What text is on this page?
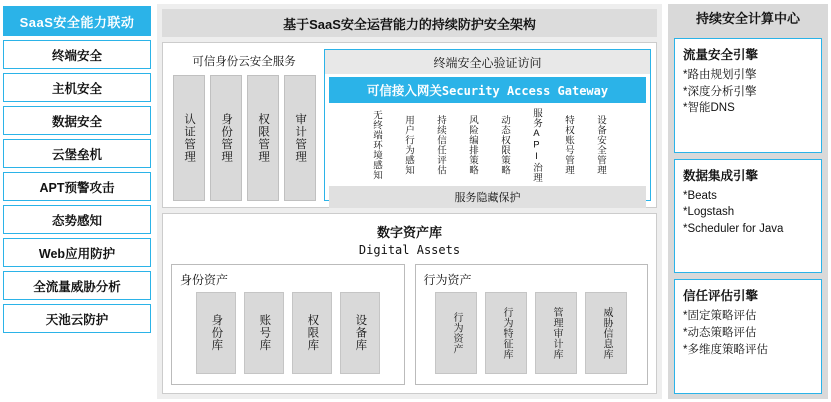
SaaS安全能力联动
终端安全
主机安全
数据安全
云堡垒机
APT预警攻击
态势感知
Web应用防护
全流量威胁分析
天池云防护
基于SaaS安全运营能力的持续防护安全架构
可信身份云安全服务
认证管理 身份管理 权限管理 审计管理
终端安全心验证访问
可信接入网关Security Access Gateway
无终端环境感知 用户行为感知 持续信任评估 风险编排策略 动态权限策略 服务API治理 特权账号管理 设备安全管理
服务隐藏保护
数字资产库
Digital Assets
身份资产
身份库	账号库	权限库	设备库
行为资产
行为资产	行为特征库	管理审计库	威胁信息库
持续安全计算中心
流量安全引擎
*路由规划引擎
*深度分析引擎
*智能DNS
数据集成引擎
*Beats
*Logstash
*Scheduler for Java
信任评估引擎
*固定策略评估
*动态策略评估
*多维度策略评估
